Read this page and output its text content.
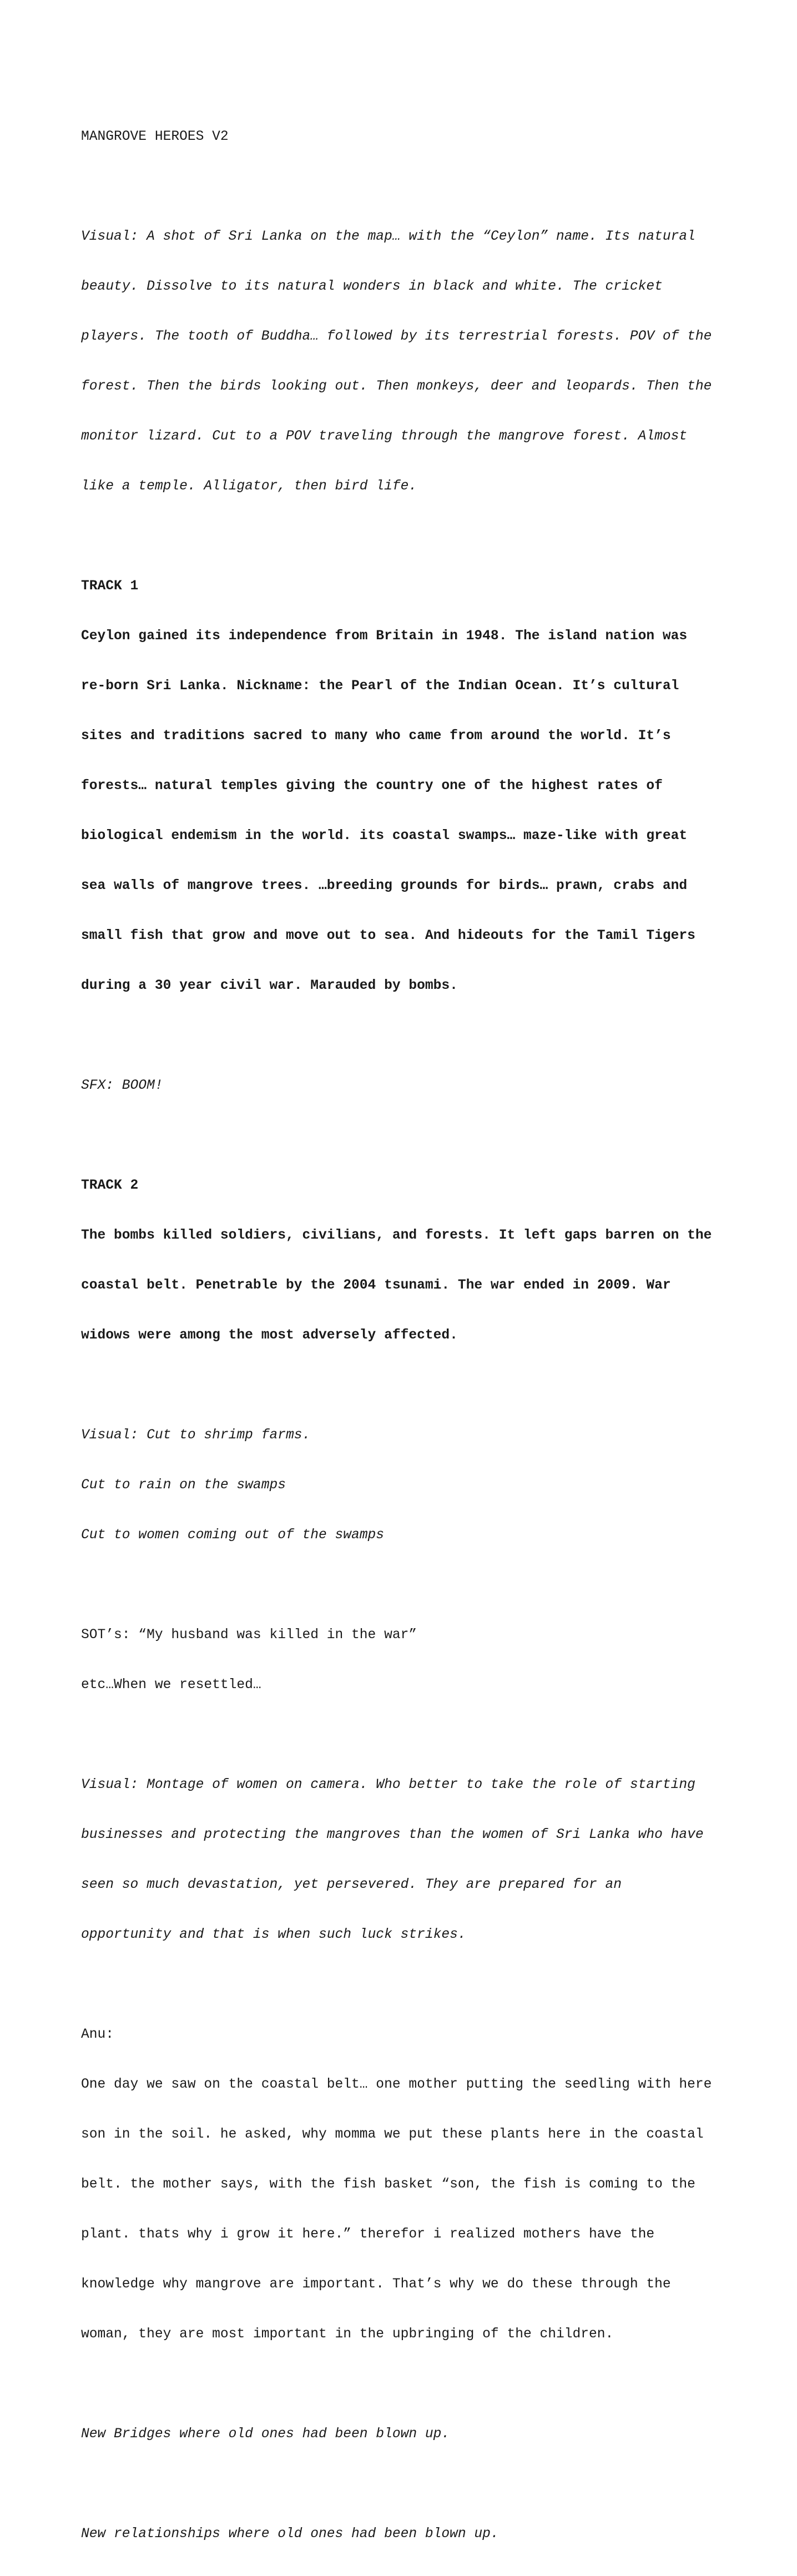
MANGROVE HEROES V2

Visual: A shot of Sri Lanka on the map… with the “Ceylon” name. Its natural

beauty. Dissolve to its natural wonders in black and white. The cricket

players. The tooth of Buddha… followed by its terrestrial forests. POV of the

forest. Then the birds looking out. Then monkeys, deer and leopards. Then the

monitor lizard. Cut to a POV traveling through the mangrove forest. Almost

like a temple. Alligator, then bird life.

TRACK 1

Ceylon gained its independence from Britain in 1948. The island nation was

re-born Sri Lanka. Nickname: the Pearl of the Indian Ocean. It’s cultural

sites and traditions sacred to many who came from around the world. It’s

forests… natural temples giving the country one of the highest rates of

biological endemism in the world. its coastal swamps… maze-like with great

sea walls of mangrove trees. …breeding grounds for birds… prawn, crabs and

small fish that grow and move out to sea. And hideouts for the Tamil Tigers

during a 30 year civil war. Marauded by bombs.

SFX: BOOM!

TRACK 2

The bombs killed soldiers, civilians, and forests. It left gaps barren on the

coastal belt. Penetrable by the 2004 tsunami. The war ended in 2009. War

widows were among the most adversely affected.

Visual: Cut to shrimp farms.

Cut to rain on the swamps

Cut to women coming out of the swamps

SOT’s: “My husband was killed in the war”

etc…When we resettled…

Visual: Montage of women on camera. Who better to take the role of starting

businesses and protecting the mangroves than the women of Sri Lanka who have

seen so much devastation, yet persevered. They are prepared for an

opportunity and that is when such luck strikes.

Anu:

One day we saw on the coastal belt… one mother putting the seedling with here

son in the soil. he asked, why momma we put these plants here in the coastal

belt. the mother says, with the fish basket “son, the fish is coming to the

plant. thats why i grow it here.” therefor i realized mothers have the

knowledge why mangrove are important. That’s why we do these through the

woman, they are most important in the upbringing of the children.

New Bridges where old ones had been blown up.

New relationships where old ones had been blown up.
